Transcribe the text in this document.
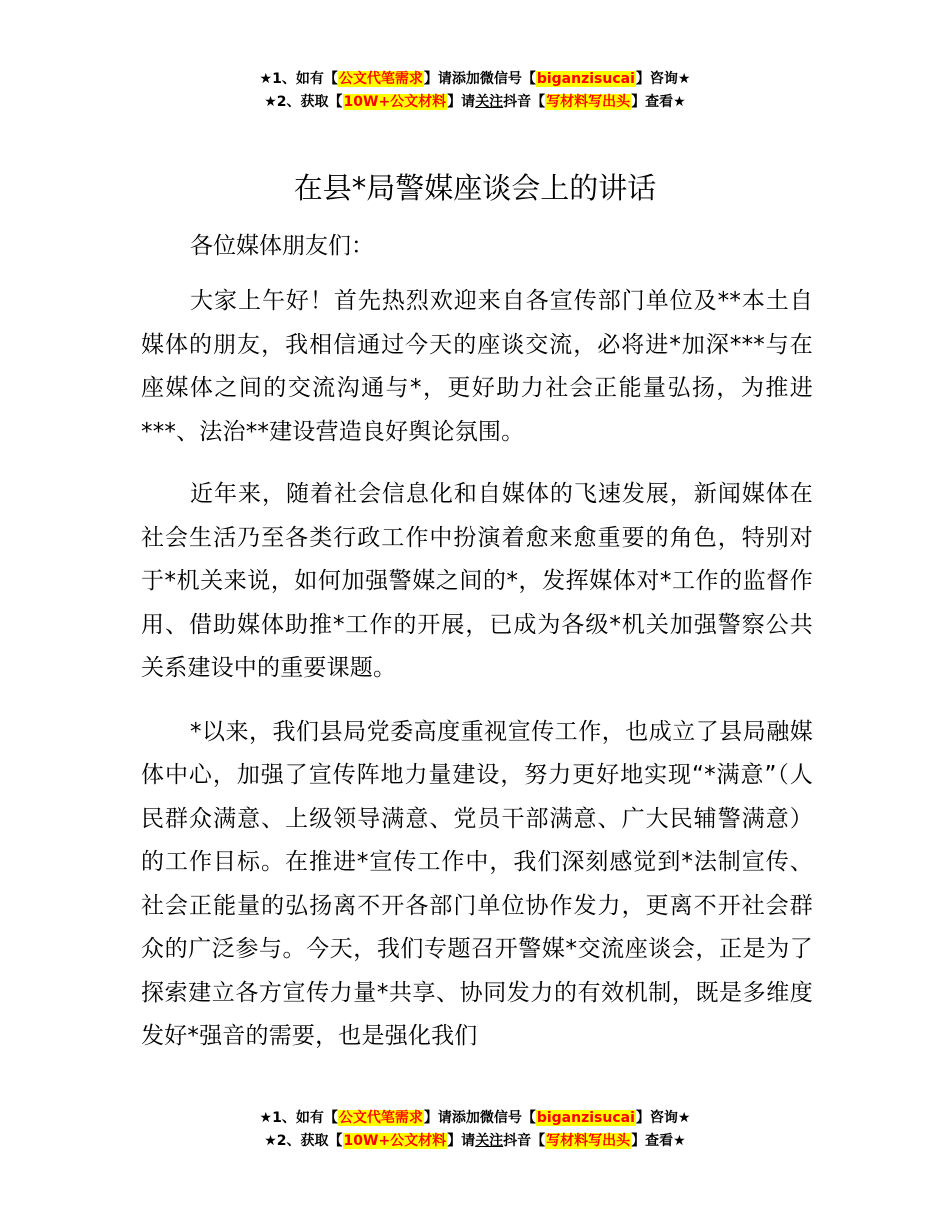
★1、如有【公文代笔需求】请添加微信号【biganzisucai】咨询★
★2、获取【10W+公文材料】请关注抖音【写材料写出头】查看★
在县*局警媒座谈会上的讲话
各位媒体朋友们：

大家上午好！首先热烈欢迎来自各宣传部门单位及**本土自媒体的朋友，我相信通过今天的座谈交流，必将进*加深***与在座媒体之间的交流沟通与*，更好助力社会正能量弘扬，为推进***、法治**建设营造良好舆论氛围。

近年来，随着社会信息化和自媒体的飞速发展，新闻媒体在社会生活乃至各类行政工作中扮演着愈来愈重要的角色，特别对于*机关来说，如何加强警媒之间的*，发挥媒体对*工作的监督作用、借助媒体助推*工作的开展，已成为各级*机关加强警察公共关系建设中的重要课题。

*以来，我们县局党委高度重视宣传工作，也成立了县局融媒体中心，加强了宣传阵地力量建设，努力更好地实现“*满意”（人民群众满意、上级领导满意、党员干部满意、广大民辅警满意）的工作目标。在推进*宣传工作中，我们深刻感觉到*法制宣传、社会正能量的弘扬离不开各部门单位协作发力，更离不开社会群众的广泛参与。今天，我们专题召开警媒*交流座谈会，正是为了探索建立各方宣传力量*共享、协同发力的有效机制，既是多维度发好*强音的需要，也是强化我们

★1、如有【公文代笔需求】请添加微信号【biganzisucai】咨询★
★2、获取【10W+公文材料】请关注抖音【写材料写出头】查看★
